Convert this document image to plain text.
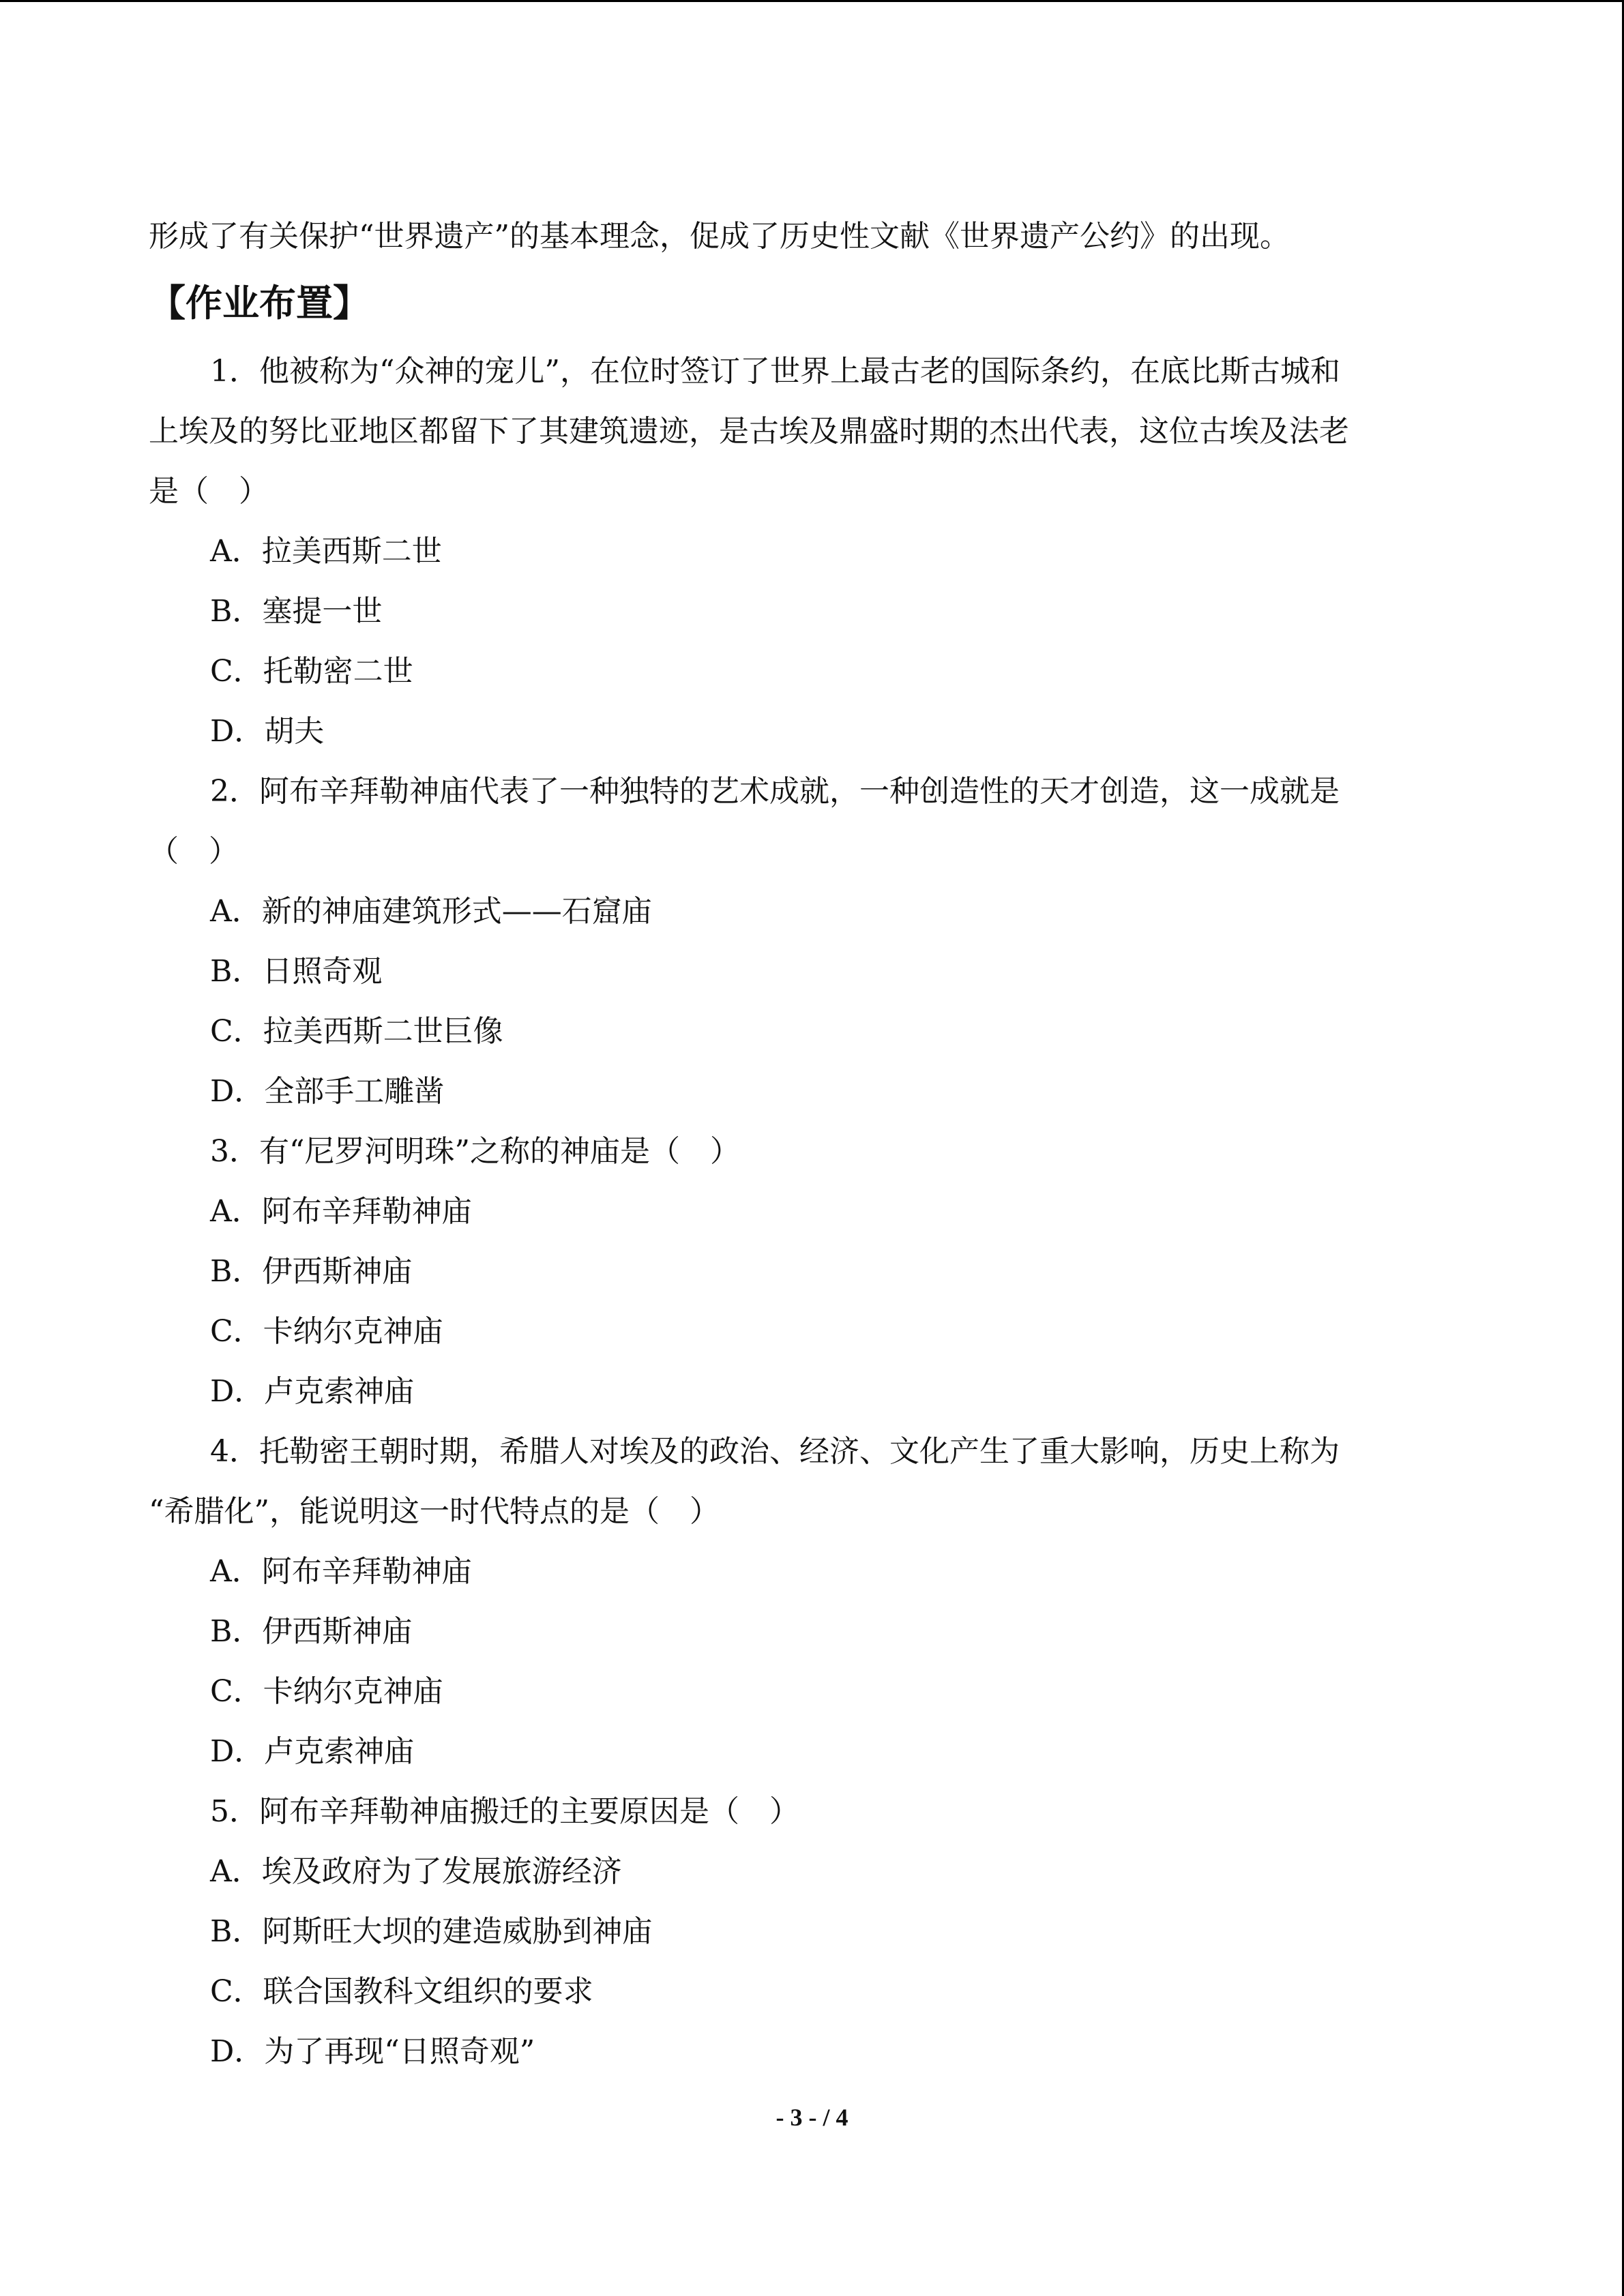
形成了有关保护“世界遗产”的基本理念，促成了历史性文献《世界遗产公约》的出现。
【作业布置】
1．他被称为“众神的宠儿”，在位时签订了世界上最古老的国际条约，在底比斯古城和
上埃及的努比亚地区都留下了其建筑遗迹，是古埃及鼎盛时期的杰出代表，这位古埃及法老
是（　）
A．拉美西斯二世
B．塞提一世
C．托勒密二世
D．胡夫
2．阿布辛拜勒神庙代表了一种独特的艺术成就，一种创造性的天才创造，这一成就是
（　）
A．新的神庙建筑形式——石窟庙
B．日照奇观
C．拉美西斯二世巨像
D．全部手工雕凿
3．有“尼罗河明珠”之称的神庙是（　）
A．阿布辛拜勒神庙
B．伊西斯神庙
C．卡纳尔克神庙
D．卢克索神庙
4．托勒密王朝时期，希腊人对埃及的政治、经济、文化产生了重大影响，历史上称为
“希腊化”，能说明这一时代特点的是（　）
A．阿布辛拜勒神庙
B．伊西斯神庙
C．卡纳尔克神庙
D．卢克索神庙
5．阿布辛拜勒神庙搬迁的主要原因是（　）
A．埃及政府为了发展旅游经济
B．阿斯旺大坝的建造威胁到神庙
C．联合国教科文组织的要求
D．为了再现“日照奇观”
- 3 - / 4
